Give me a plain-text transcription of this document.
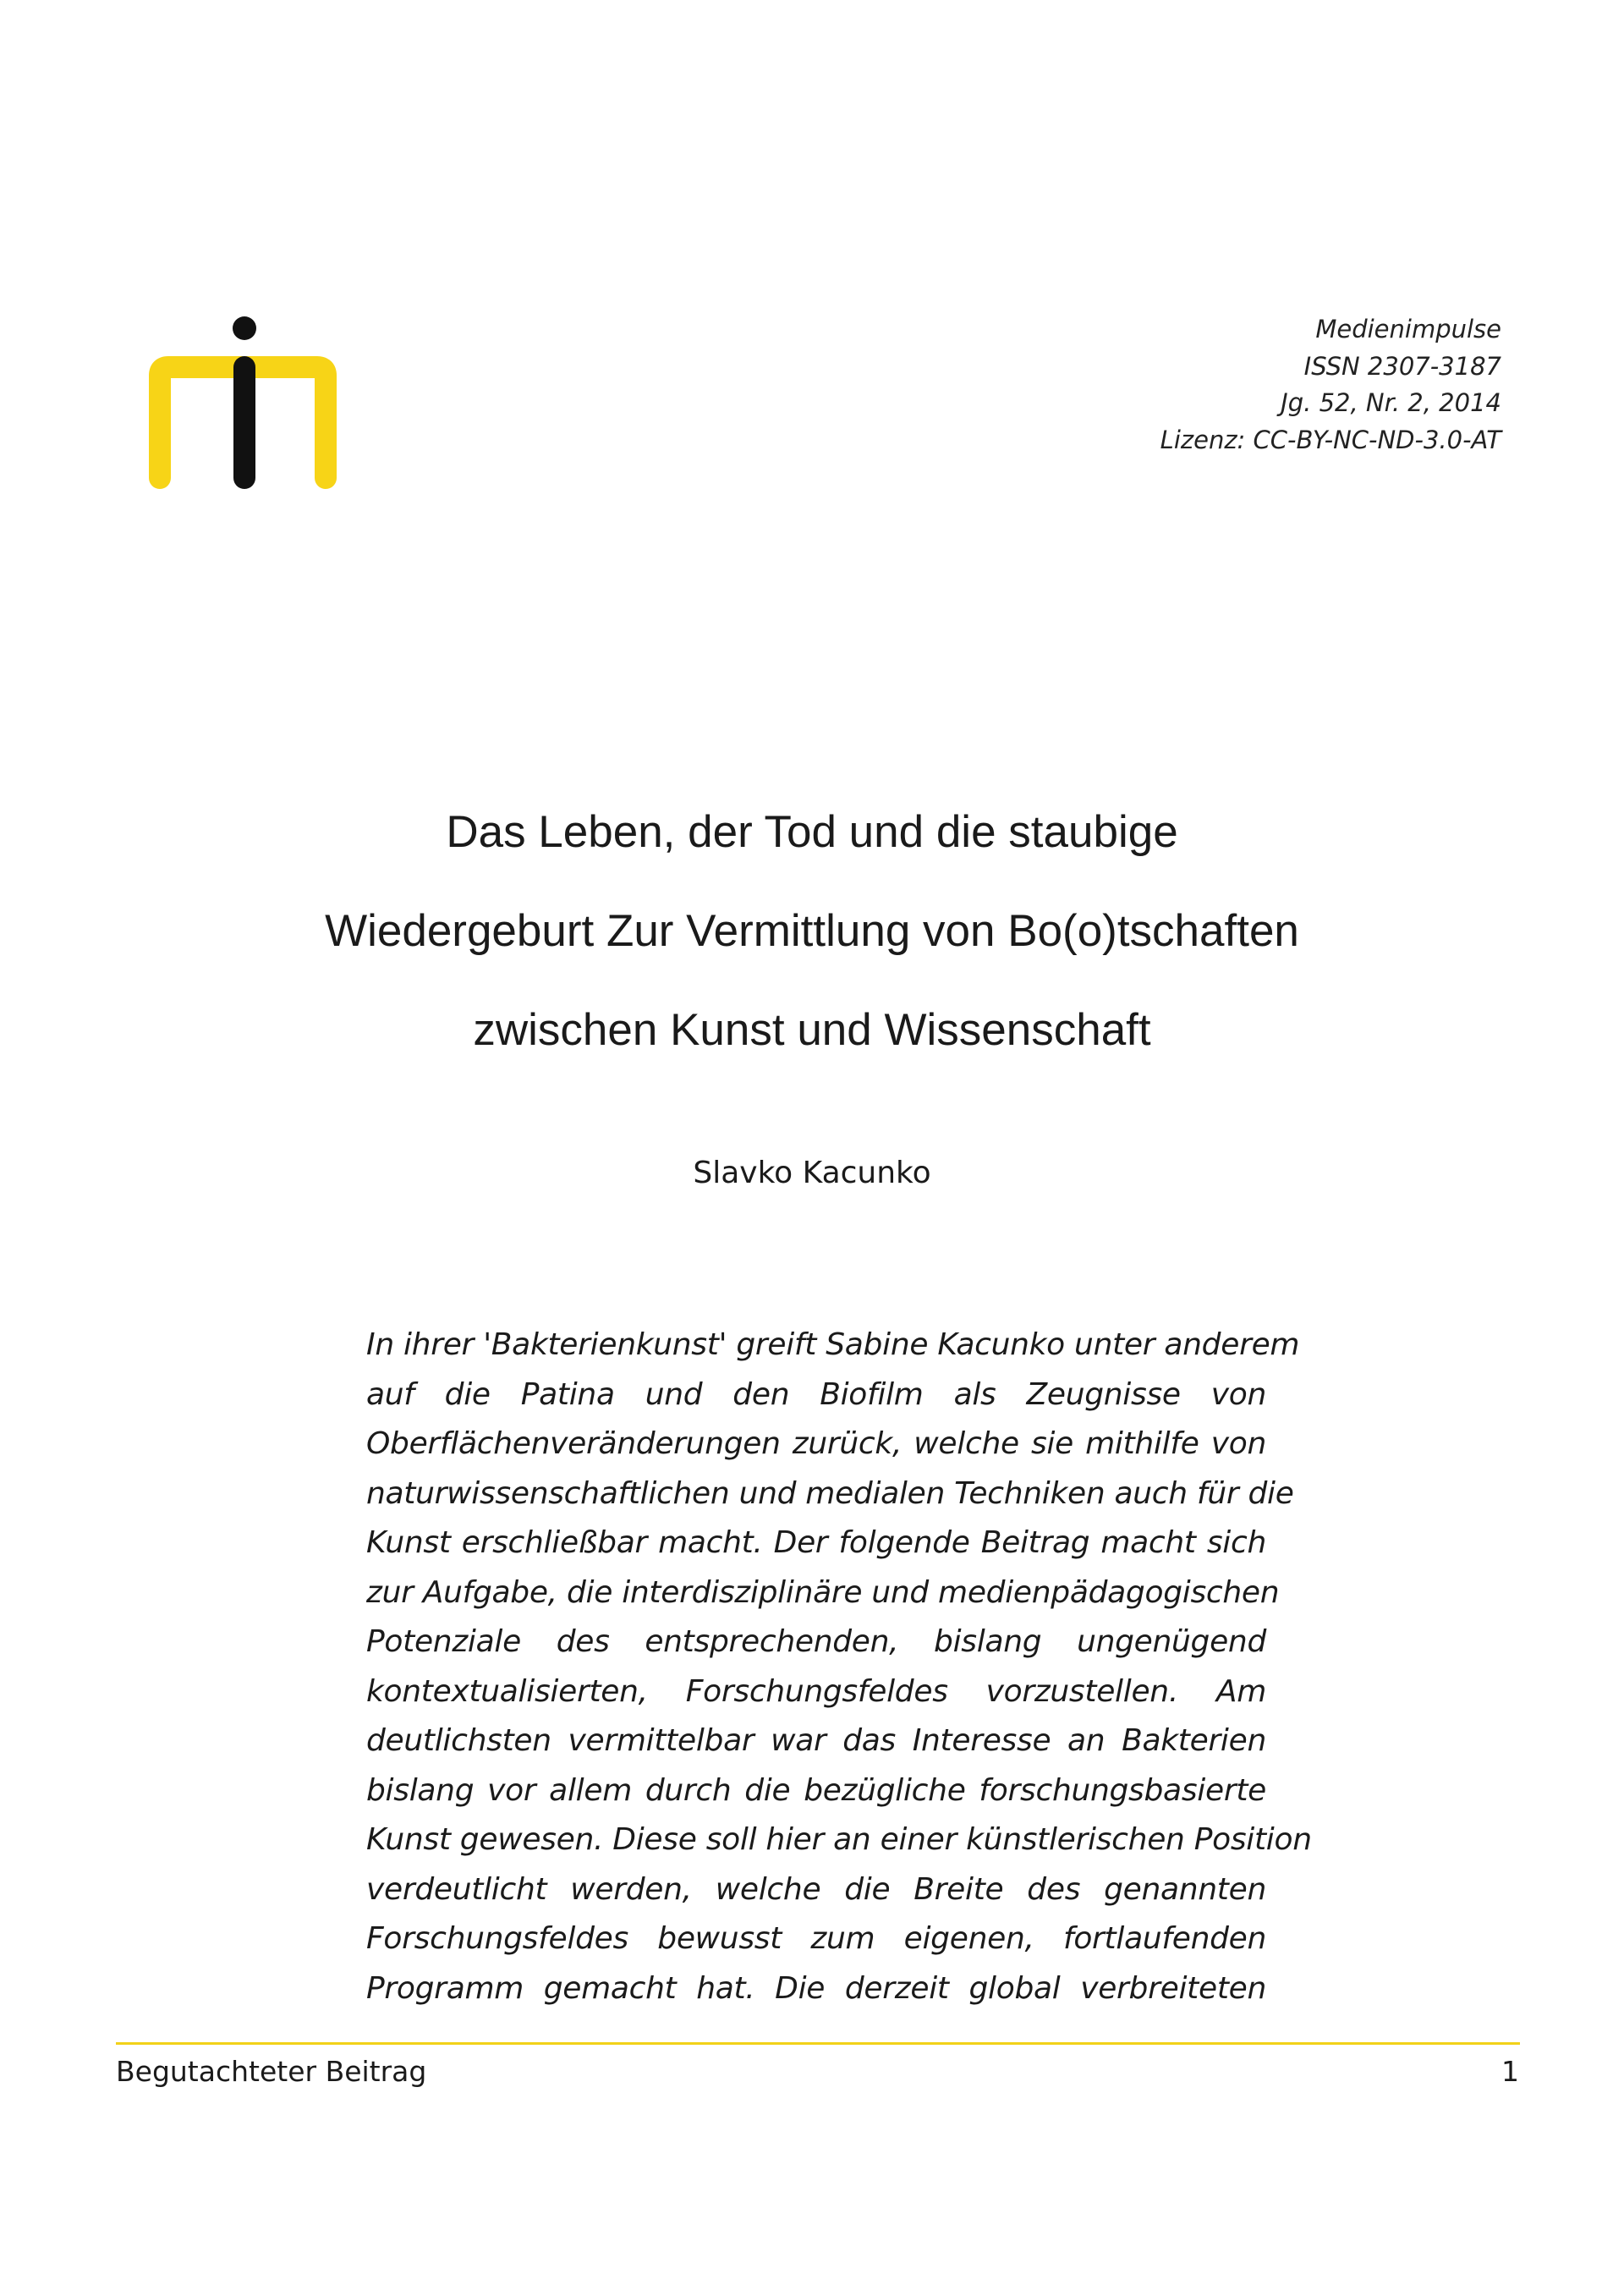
Medienimpulse
ISSN 2307-3187
Jg. 52, Nr. 2, 2014
Lizenz: CC-BY-NC-ND-3.0-AT
Das Leben, der Tod und die staubige
Wiedergeburt Zur Vermittlung von Bo(o)tschaften
zwischen Kunst und Wissenschaft
Slavko Kacunko
In ihrer 'Bakterienkunst' greift Sabine Kacunko unter anderem
auf die Patina und den Biofilm als Zeugnisse von
Oberflächenveränderungen zurück, welche sie mithilfe von
naturwissenschaftlichen und medialen Techniken auch für die
Kunst erschließbar macht. Der folgende Beitrag macht sich
zur Aufgabe, die interdisziplinäre und medienpädagogischen
Potenziale des entsprechenden, bislang ungenügend
kontextualisierten, Forschungsfeldes vorzustellen. Am
deutlichsten vermittelbar war das Interesse an Bakterien
bislang vor allem durch die bezügliche forschungsbasierte
Kunst gewesen. Diese soll hier an einer künstlerischen Position
verdeutlicht werden, welche die Breite des genannten
Forschungsfeldes bewusst zum eigenen, fortlaufenden
Programm gemacht hat. Die derzeit global verbreiteten
Begutachteter Beitrag	1
